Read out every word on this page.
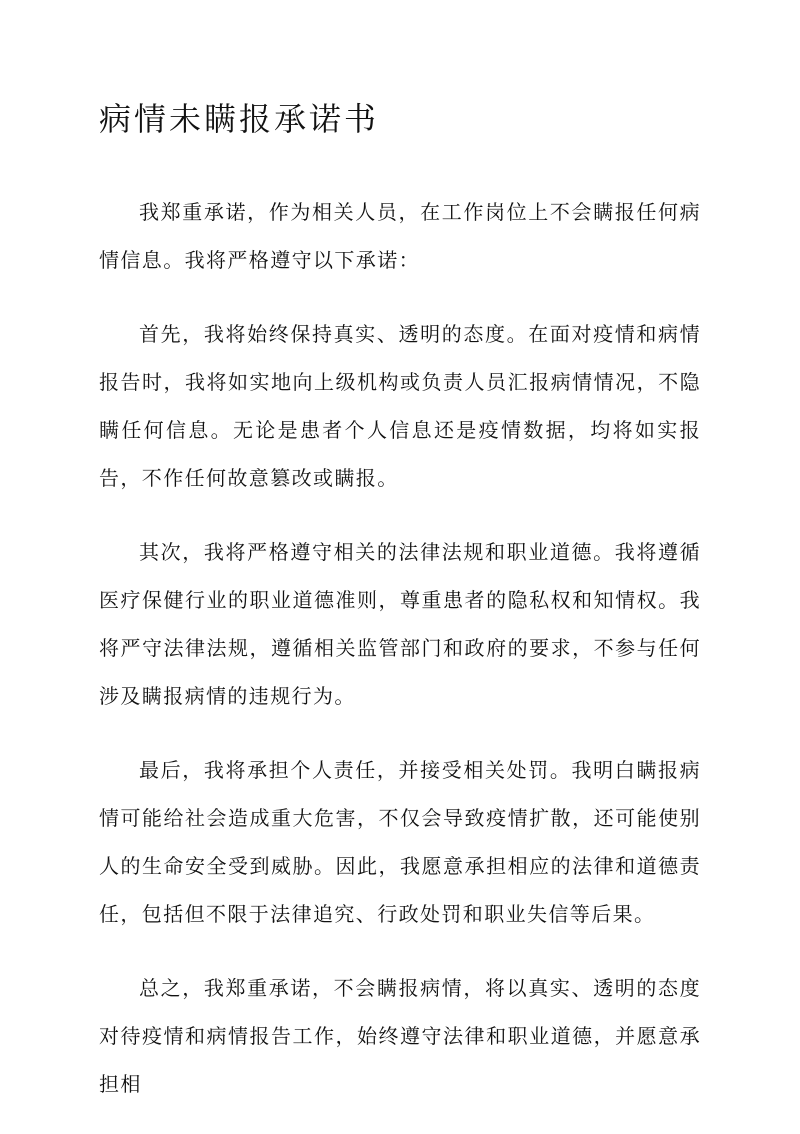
病情未瞒报承诺书

我郑重承诺，作为相关人员，在工作岗位上不会瞒报任何病情信息。我将严格遵守以下承诺：

首先，我将始终保持真实、透明的态度。在面对疫情和病情报告时，我将如实地向上级机构或负责人员汇报病情情况，不隐瞒任何信息。无论是患者个人信息还是疫情数据，均将如实报告，不作任何故意篡改或瞒报。

其次，我将严格遵守相关的法律法规和职业道德。我将遵循医疗保健行业的职业道德准则，尊重患者的隐私权和知情权。我将严守法律法规，遵循相关监管部门和政府的要求，不参与任何涉及瞒报病情的违规行为。

最后，我将承担个人责任，并接受相关处罚。我明白瞒报病情可能给社会造成重大危害，不仅会导致疫情扩散，还可能使别人的生命安全受到威胁。因此，我愿意承担相应的法律和道德责任，包括但不限于法律追究、行政处罚和职业失信等后果。

总之，我郑重承诺，不会瞒报病情，将以真实、透明的态度对待疫情和病情报告工作，始终遵守法律和职业道德，并愿意承担相
